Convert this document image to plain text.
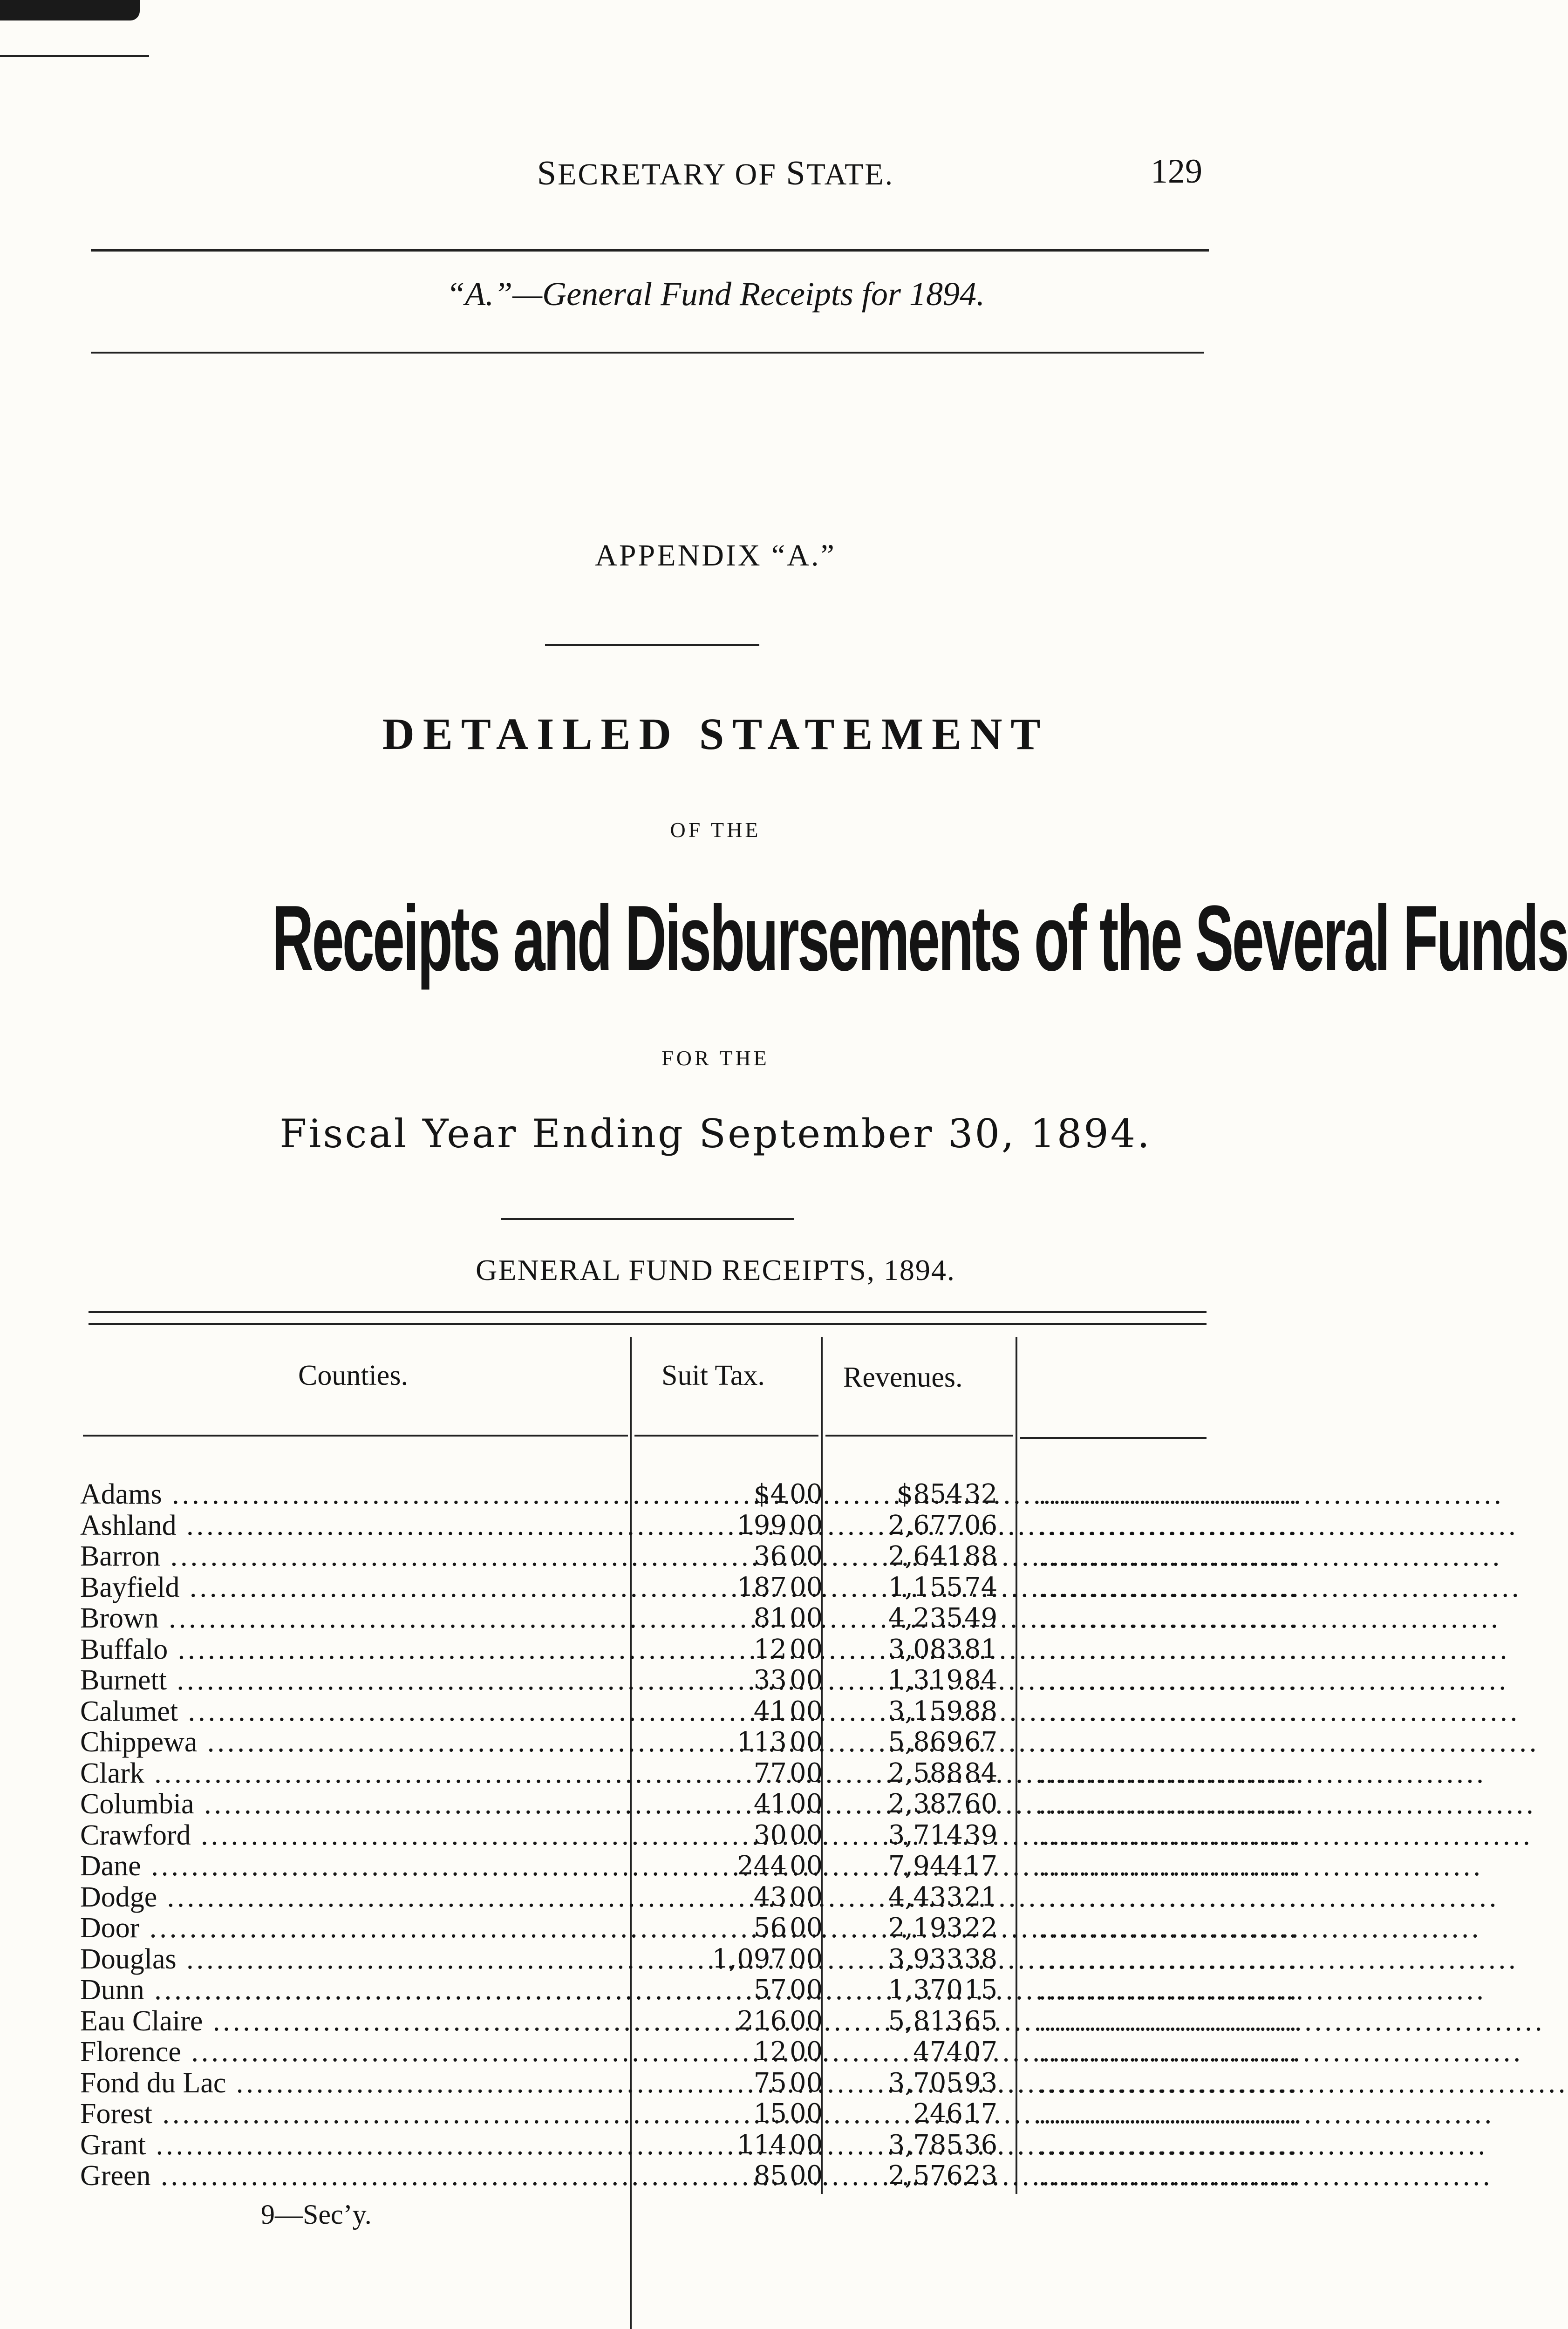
SECRETARY OF STATE.	129
“A.”—General Fund Receipts for 1894.
APPENDIX “A.”
DETAILED STATEMENT
OF THE
Receipts and Disbursements of the Several Funds
FOR THE
Fiscal Year Ending September 30, 1894.
GENERAL FUND RECEIPTS, 1894.
Counties.	Suit Tax.	Revenues.
Adams .....	$4 00	$854 32 ..........................
Ashland .....	199 00	2,677 06 ..........................
Barron .....	36 00	2,641 88 ..........................
Bayfield .....	187 00	1,155 74 ..........................
Brown .....	81 00	4,235 49 ..........................
Buffalo .....	12 00	3,083 81 ..........................
Burnett .....	33 00	1,319 84 ..........................
Calumet .....	41 00	3,159 88 ..........................
Chippewa .....	113 00	5,869 67 ..........................
Clark .....	77 00	2,588 84 ..........................
Columbia .....	41 00	2,387 60 ..........................
Crawford .....	30 00	3,714 39 ..........................
Dane .....	244 00	7,944 17 ..........................
Dodge .....	43 00	4,433 21 ..........................
Door .....	56 00	2,193 22 ..........................
Douglas .....	1,097 00	3,933 38 ..........................
Dunn .....	57 00	1,370 15 ..........................
Eau Claire .....	216 00	5,813 65 ..........................
Florence .....	12 00	474 07 ..........................
Fond du Lac .....	75 00	3,705 93 ..........................
Forest .....	15 00	246 17 ..........................
Grant .....	114 00	3,785 36 ..........................
Green .....	85 00	2,576 23 ..........................
9—Sec’y.
